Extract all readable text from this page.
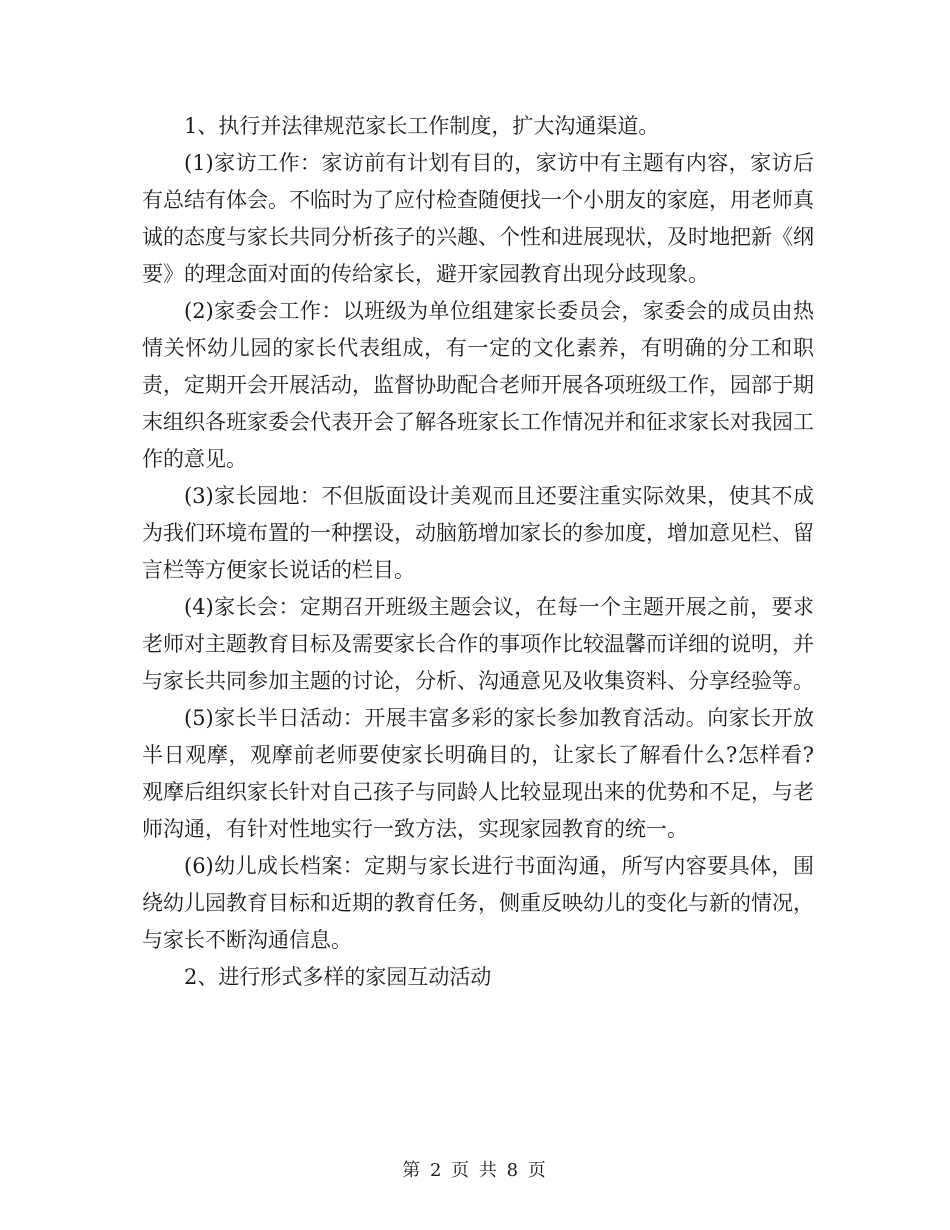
1、执行并法律规范家长工作制度，扩大沟通渠道。

(1)家访工作：家访前有计划有目的，家访中有主题有内容，家访后有总结有体会。不临时为了应付检查随便找一个小朋友的家庭，用老师真诚的态度与家长共同分析孩子的兴趣、个性和进展现状，及时地把新《纲要》的理念面对面的传给家长，避开家园教育出现分歧现象。

(2)家委会工作：以班级为单位组建家长委员会，家委会的成员由热情关怀幼儿园的家长代表组成，有一定的文化素养，有明确的分工和职责，定期开会开展活动，监督协助配合老师开展各项班级工作，园部于期末组织各班家委会代表开会了解各班家长工作情况并和征求家长对我园工作的意见。

(3)家长园地：不但版面设计美观而且还要注重实际效果，使其不成为我们环境布置的一种摆设，动脑筋增加家长的参加度，增加意见栏、留言栏等方便家长说话的栏目。

(4)家长会：定期召开班级主题会议，在每一个主题开展之前，要求老师对主题教育目标及需要家长合作的事项作比较温馨而详细的说明，并与家长共同参加主题的讨论，分析、沟通意见及收集资料、分享经验等。

(5)家长半日活动：开展丰富多彩的家长参加教育活动。向家长开放半日观摩，观摩前老师要使家长明确目的，让家长了解看什么?怎样看?观摩后组织家长针对自己孩子与同龄人比较显现出来的优势和不足，与老师沟通，有针对性地实行一致方法，实现家园教育的统一。

(6)幼儿成长档案：定期与家长进行书面沟通，所写内容要具体，围绕幼儿园教育目标和近期的教育任务，侧重反映幼儿的变化与新的情况，与家长不断沟通信息。

2、进行形式多样的家园互动活动

第 2 页 共 8 页
